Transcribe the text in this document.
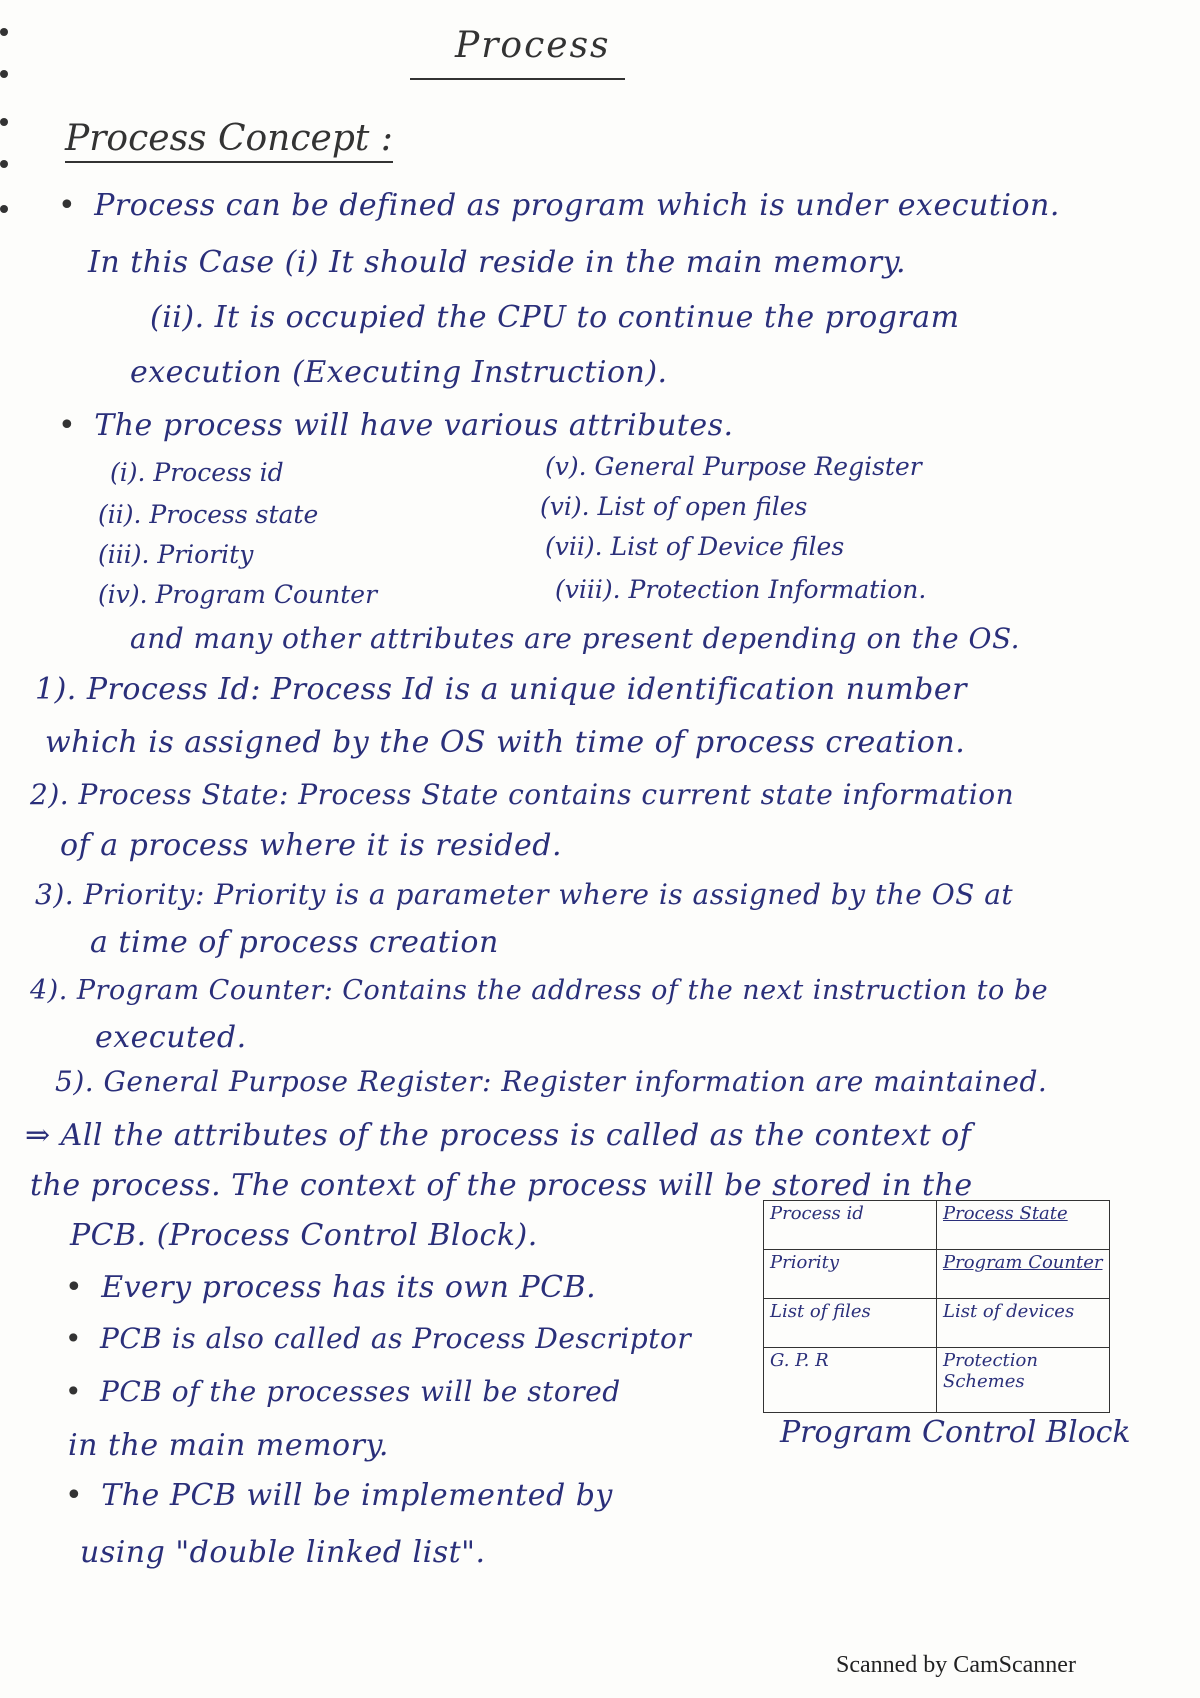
Process
Process Concept :
• Process can be defined as program which is under execution.
In this Case (i) It should reside in the main memory.
(ii). It is occupied the CPU to continue the program
execution (Executing Instruction).
• The process will have various attributes.
(i). Process id
(ii). Process state
(iii). Priority
(iv). Program Counter
(v). General Purpose Register
(vi). List of open files
(vii). List of Device files
(viii). Protection Information.
and many other attributes are present depending on the OS.
1). Process Id: Process Id is a unique identification number
which is assigned by the OS with time of process creation.
2). Process State: Process State contains current state information
of a process where it is resided.
3). Priority: Priority is a parameter where is assigned by the OS at
a time of process creation
4). Program Counter: Contains the address of the next instruction to be
executed.
5). General Purpose Register: Register information are maintained.
⇒ All the attributes of the process is called as the context of
the process. The context of the process will be stored in the
PCB. (Process Control Block).
• Every process has its own PCB.
• PCB is also called as Process Descriptor
• PCB of the processes will be stored
in the main memory.
• The PCB will be implemented by
using "double linked list".
Process id	Process State
Priority	Program Counter
List of files	List of devices
G. P. R	Protection Schemes
Program Control Block
Scanned by CamScanner
